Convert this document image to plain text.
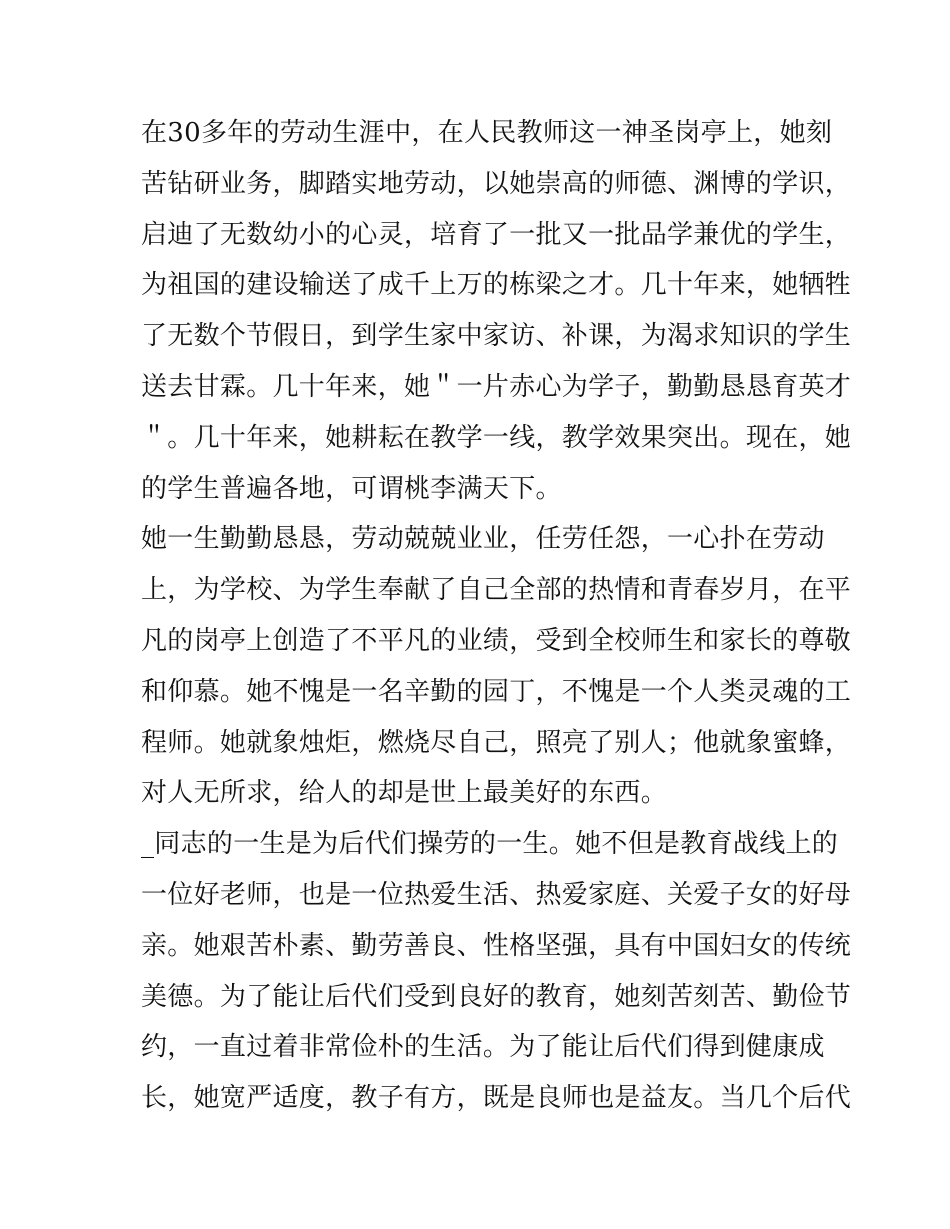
在30多年的劳动生涯中，在人民教师这一神圣岗亭上，她刻
苦钻研业务，脚踏实地劳动，以她崇高的师德、渊博的学识，
启迪了无数幼小的心灵，培育了一批又一批品学兼优的学生，
为祖国的建设输送了成千上万的栋梁之才。几十年来，她牺牲
了无数个节假日，到学生家中家访、补课，为渴求知识的学生
送去甘霖。几十年来，她＂一片赤心为学子，勤勤恳恳育英才
＂。几十年来，她耕耘在教学一线，教学效果突出。现在，她
的学生普遍各地，可谓桃李满天下。
她一生勤勤恳恳，劳动兢兢业业，任劳任怨，一心扑在劳动
上，为学校、为学生奉献了自己全部的热情和青春岁月，在平
凡的岗亭上创造了不平凡的业绩，受到全校师生和家长的尊敬
和仰慕。她不愧是一名辛勤的园丁，不愧是一个人类灵魂的工
程师。她就象烛炬，燃烧尽自己，照亮了别人；他就象蜜蜂，
对人无所求，给人的却是世上最美好的东西。
_同志的一生是为后代们操劳的一生。她不但是教育战线上的
一位好老师，也是一位热爱生活、热爱家庭、关爱子女的好母
亲。她艰苦朴素、勤劳善良、性格坚强，具有中国妇女的传统
美德。为了能让后代们受到良好的教育，她刻苦刻苦、勤俭节
约，一直过着非常俭朴的生活。为了能让后代们得到健康成
长，她宽严适度，教子有方，既是良师也是益友。当几个后代
